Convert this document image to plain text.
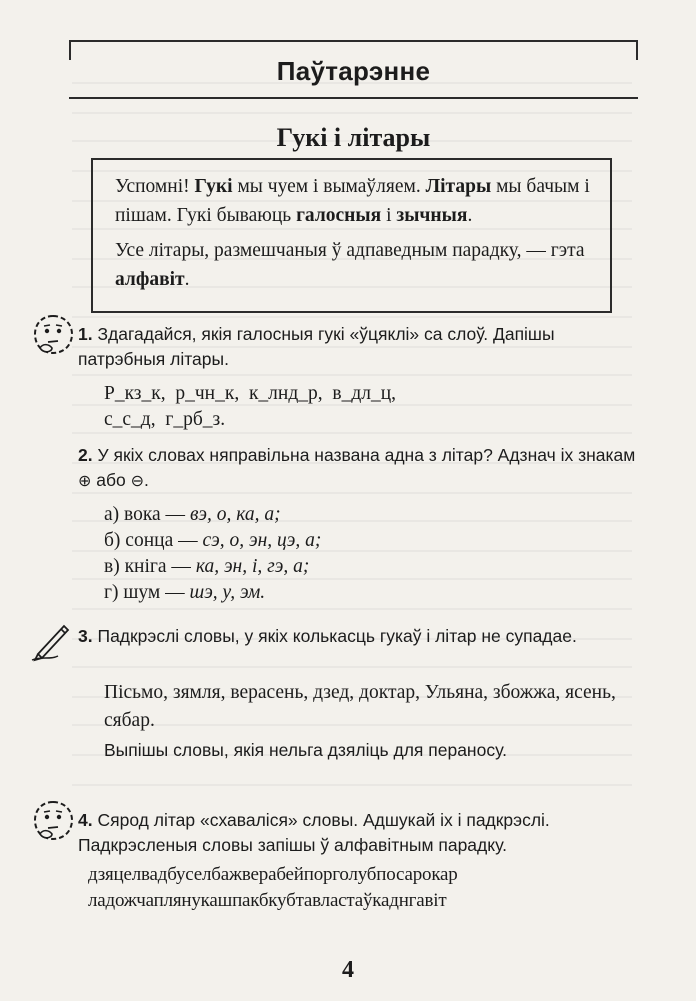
Паўтарэнне
Гукі і літары

Успомні! Гукі мы чуем і вымаўляем. Літары мы бачым і пішам. Гукі бываюць галосныя і зычныя.

Усе літары, размешчаныя ў адпаведным парадку, — гэта алфавіт.

1. Здагадайся, якія галосныя гукі «ўцяклі» са слоў. Дапішы патрэбныя літары.
Р_кз_к,  р_чн_к,  к_лнд_р,  в_дл_ц,
с_с_д,  г_рб_з.
2. У якіх словах няправільна названа адна з літар? Адзнач іх знакам ⊕ або ⊖.
а) вока — вэ, о, ка, а;
б) сонца — сэ, о, эн, цэ, а;
в) кніга — ка, эн, і, гэ, а;
г) шум — шэ, у, эм.
3. Падкрэслі словы, у якіх колькасць гукаў і літар не супадае.
Пісьмо, зямля, верасень, дзед, доктар, Ульяна, збожжа, ясень, сябар.
Выпішы словы, якія нельга дзяліць для пераносу.
4. Сярод літар «схаваліся» словы. Адшукай іх і падкрэслі. Падкрэсленыя словы запішы ў алфавітным парадку.
дзяцелвадбуселбажверабейпорголубпосарокар
ладожчаплянукашпакбкубтавластаўкаднгавіт
4
